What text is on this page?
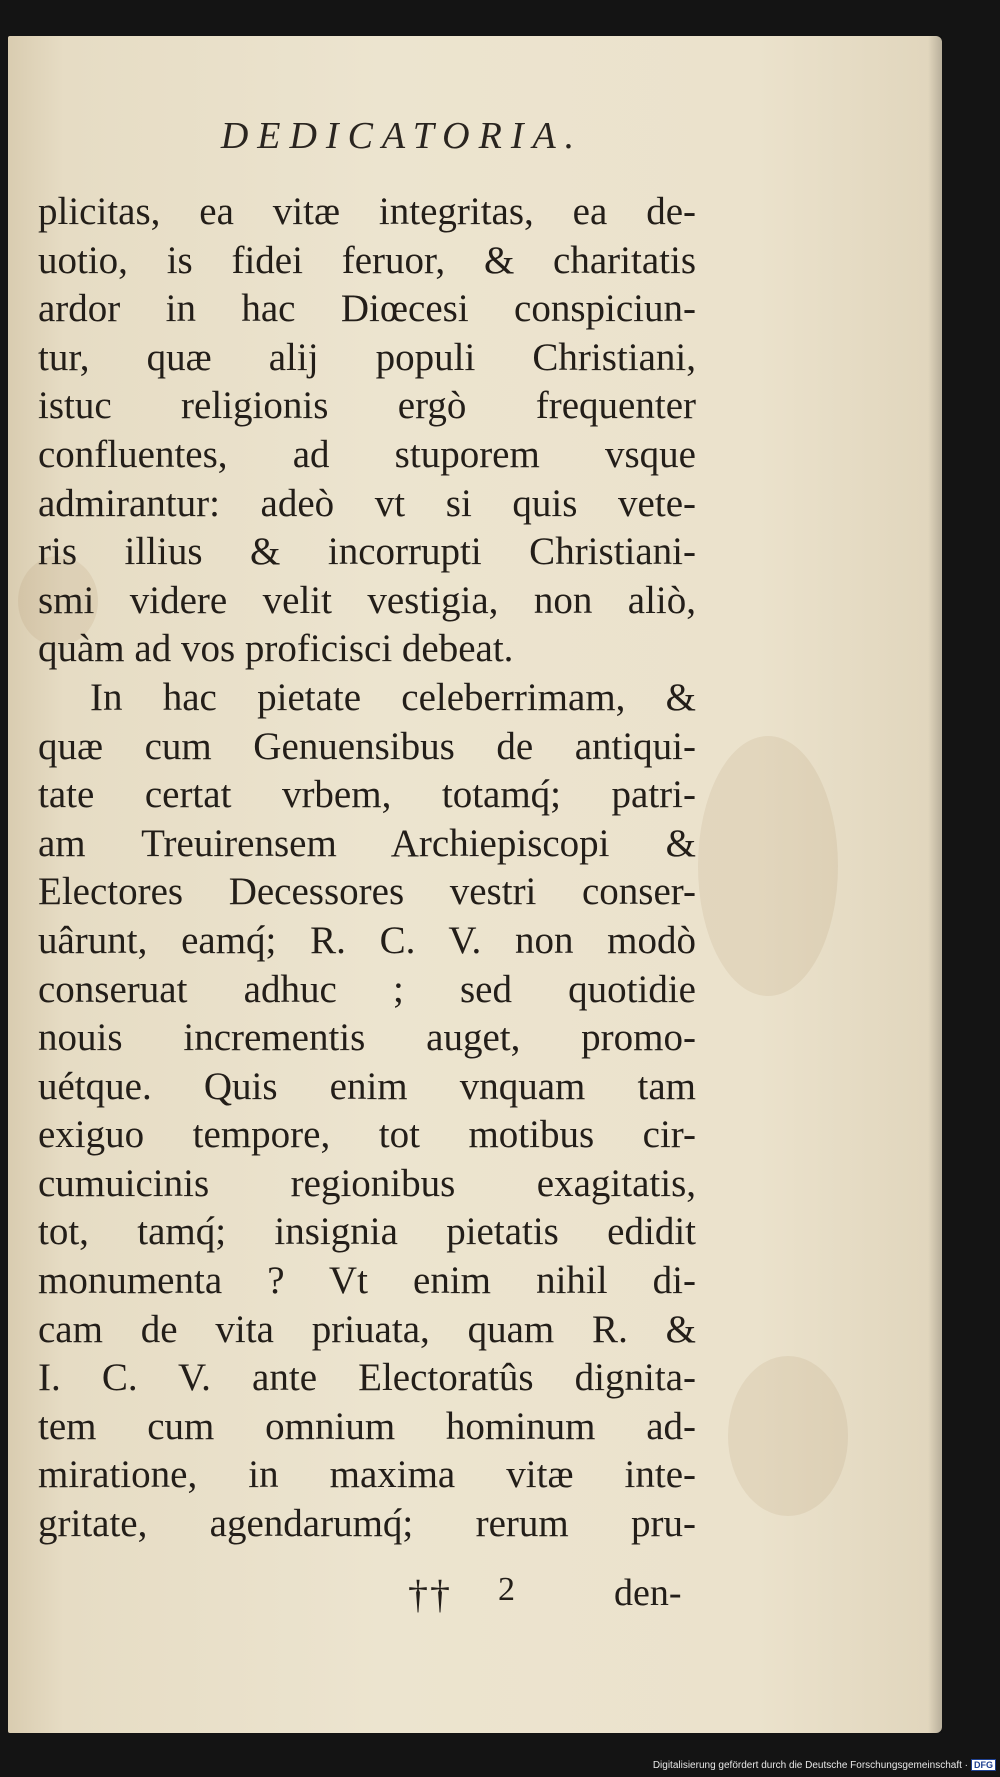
DEDICATORIA.
plicitas, ea vitæ integritas, ea de-
uotio, is fidei feruor, & charitatis
ardor in hac Diœcesi conspiciun-
tur, quæ alij populi Christiani,
istuc religionis ergò frequenter
confluentes, ad stuporem vsque
admirantur: adeò vt si quis vete-
ris illius & incorrupti Christiani-
smi videre velit vestigia, non aliò,
quàm ad vos proficisci debeat.
In hac pietate celeberrimam, &
quæ cum Genuensibus de antiqui-
tate certat vrbem, totamq́; patri-
am Treuirensem Archiepiscopi &
Electores Decessores vestri conser-
uârunt, eamq́; R. C. V. non modò
conseruat adhuc ; sed quotidie
nouis incrementis auget, promo-
uétque. Quis enim vnquam tam
exiguo tempore, tot motibus cir-
cumuicinis regionibus exagitatis,
tot, tamq́; insignia pietatis edidit
monumenta ? Vt enim nihil di-
cam de vita priuata, quam R. &
I. C. V. ante Electoratûs dignita-
tem cum omnium hominum ad-
miratione, in maxima vitæ inte-
gritate, agendarumq́; rerum pru-
†† 2	den-
Digitalisierung gefördert durch die Deutsche Forschungsgemeinschaft · DFG
